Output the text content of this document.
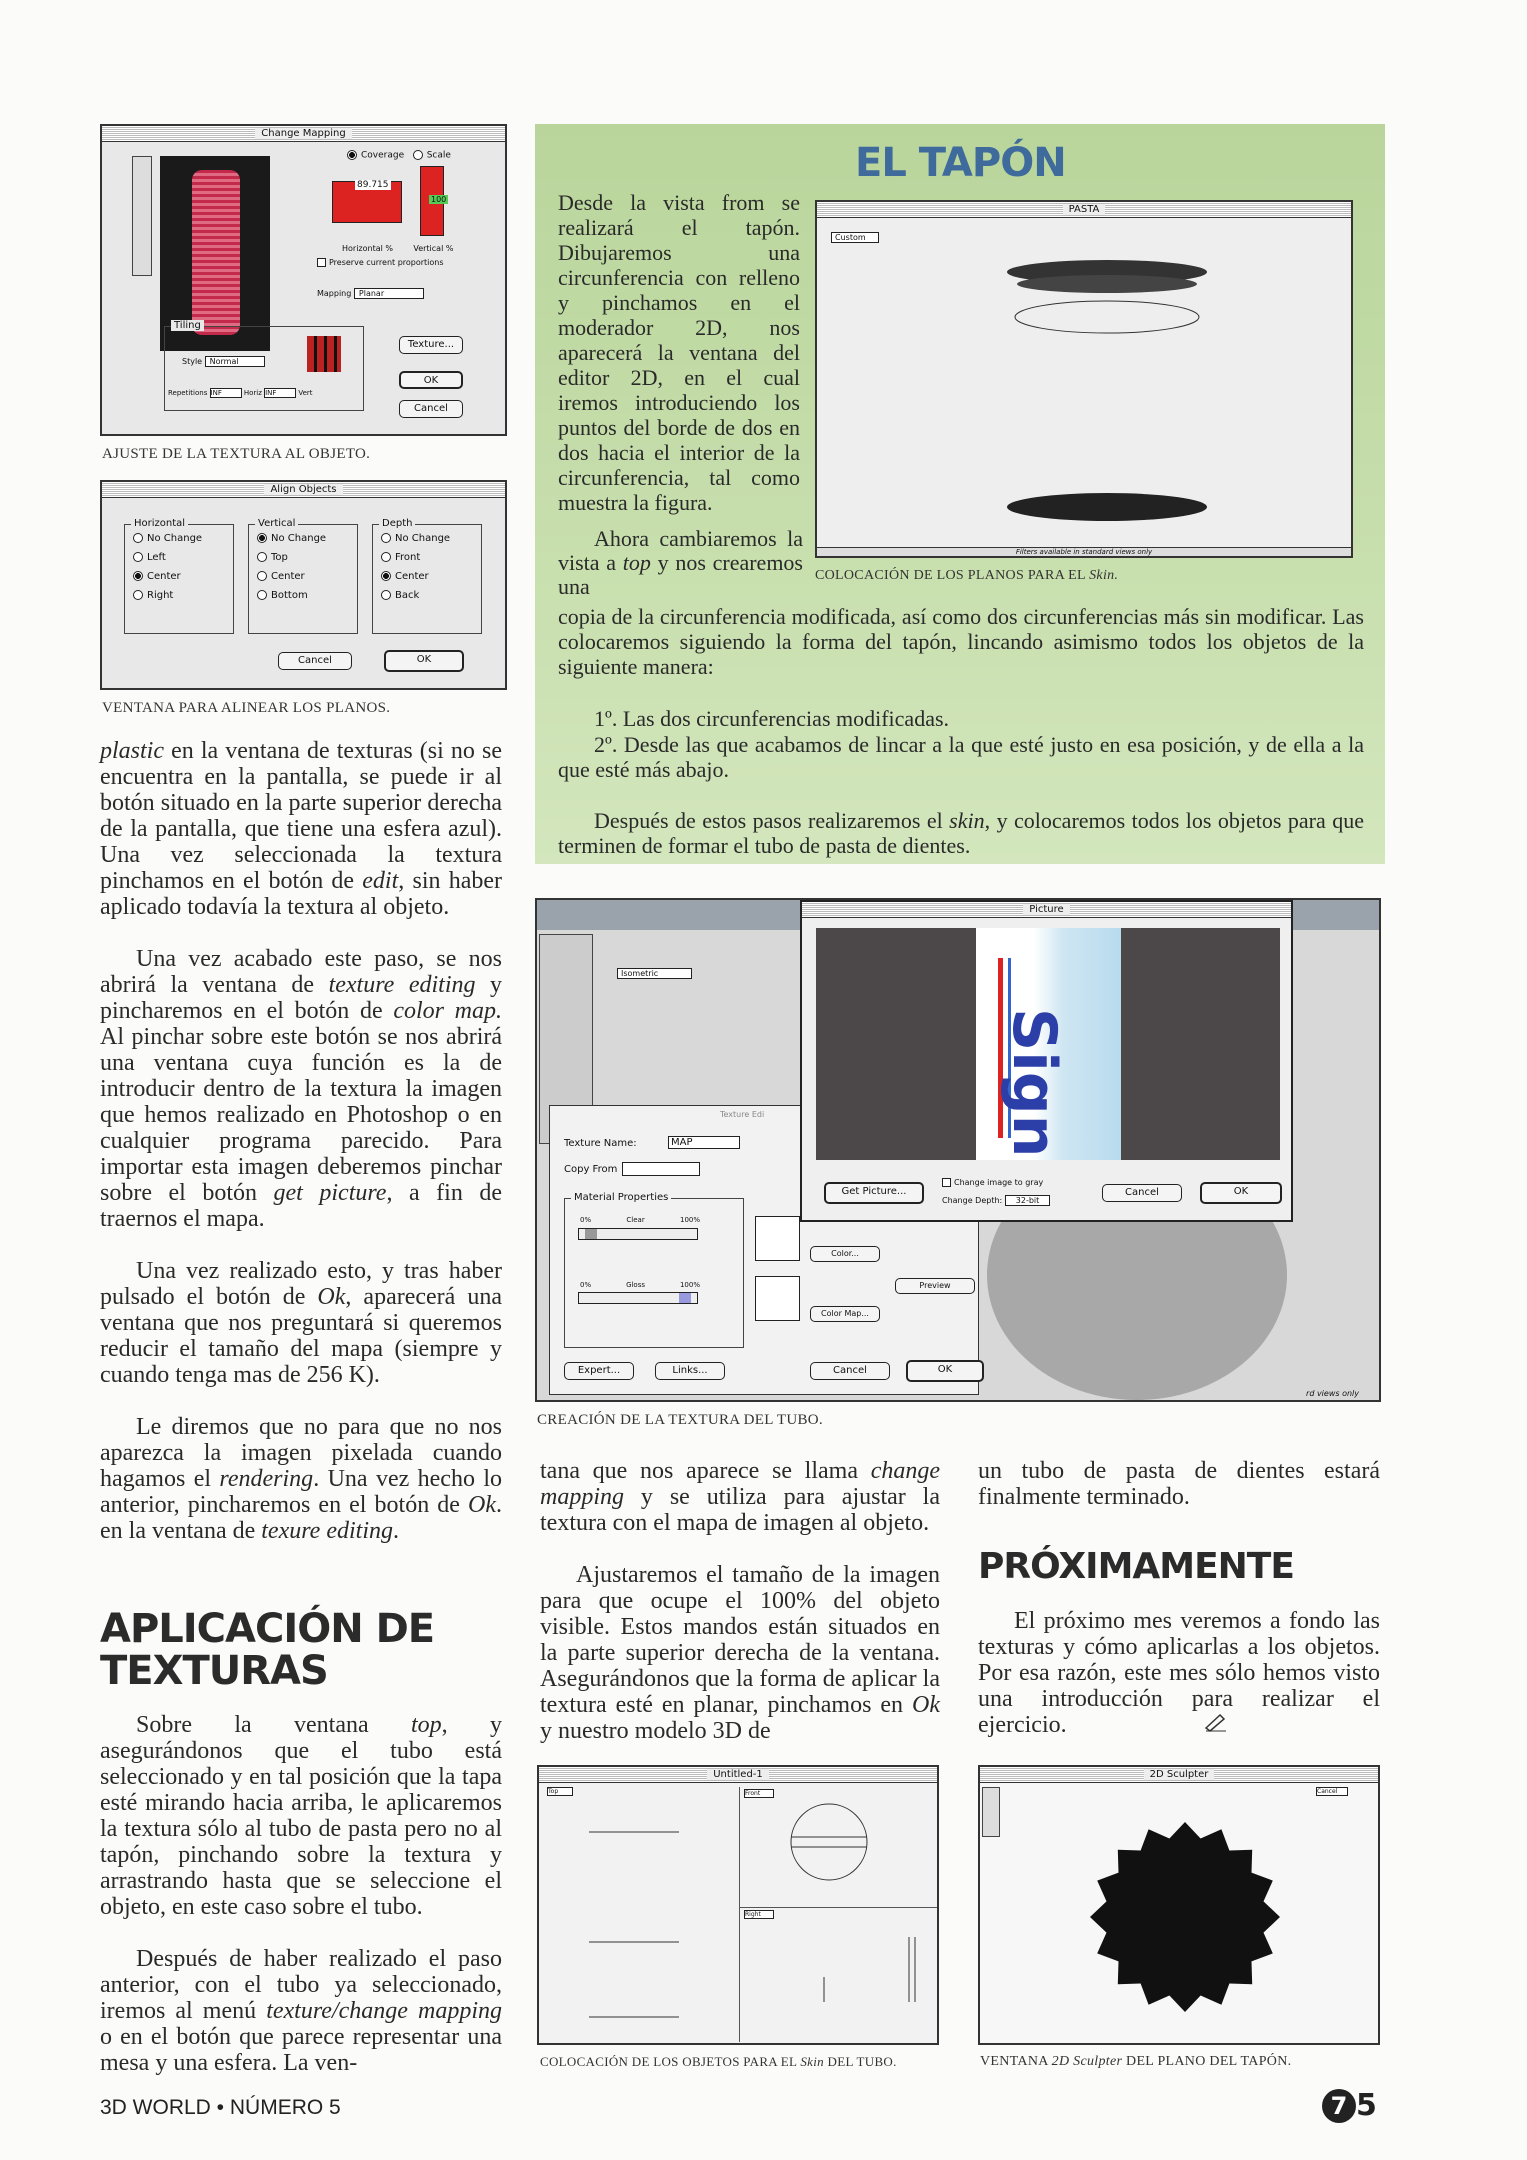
Change Mapping
Coverage	Scale
89.715
100
Horizontal %	Vertical %
Preserve current proportions
Mapping Planar
Tiling
Style Normal
Repetitions INF	Horiz INF	Vert
Texture...
OK
Cancel
AJUSTE DE LA TEXTURA AL OBJETO.
Align Objects
Horizontal
No Change
Left
Center
Right
Vertical
No Change
Top
Center
Bottom
Depth
No Change
Front
Center
Back
Cancel	OK
VENTANA PARA ALINEAR LOS PLANOS.
EL TAPÓN
Desde la vista from se realizará el tapón. Dibujaremos una circunferencia con relleno y pinchamos en el moderador 2D, nos aparecerá la ventana del editor 2D, en el cual iremos introduciendo los puntos del borde de dos en dos hacia el interior de la circunferencia, tal como muestra la figura.
PASTA
Custom
Filters available in standard views only
COLOCACIÓN DE LOS PLANOS PARA EL Skin.
Ahora cambiaremos la vista a top y nos crearemos una
copia de la circunferencia modificada, así como dos circunferencias más sin modificar. Las colocaremos siguiendo la forma del tapón, lincando asimismo todos los objetos de la siguiente manera:
1º. Las dos circunferencias modificadas.
2º. Desde las que acabamos de lincar a la que esté justo en esa posición, y de ella a la que esté más abajo.
Después de estos pasos realizaremos el skin, y colocaremos todos los objetos para que terminen de formar el tubo de pasta de dientes.
Isometric
Texture Edi
Texture Name:	MAP
Copy From
Material Properties
0%	Clear	100%
0%	Gloss	100%
Color...
Color Map...
Preview
Expert...	Links...	Cancel	OK
Picture
Sign
Get Picture...
Change image to gray
Change Depth: 32-bit
Cancel	OK
rd views only
CREACIÓN DE LA TEXTURA DEL TUBO.

plastic en la ventana de texturas (si no se encuentra en la pantalla, se puede ir al botón situado en la parte superior derecha de la pantalla, que tiene una esfera azul). Una vez seleccionada la textura pinchamos en el botón de edit, sin haber aplicado todavía la textura al objeto.

Una vez acabado este paso, se nos abrirá la ventana de texture editing y pincharemos en el botón de color map. Al pinchar sobre este botón se nos abrirá una ventana cuya función es la de introducir dentro de la textura la imagen que hemos realizado en Photoshop o en cualquier programa parecido. Para importar esta imagen deberemos pinchar sobre el botón get picture, a fin de traernos el mapa.

Una vez realizado esto, y tras haber pulsado el botón de Ok, aparecerá una ventana que nos preguntará si queremos reducir el tamaño del mapa (siempre y cuando tenga mas de 256 K).

Le diremos que no para que no nos aparezca la imagen pixelada cuando hagamos el rendering. Una vez hecho lo anterior, pincharemos en el botón de Ok. en la ventana de texure editing.

APLICACIÓN DE TEXTURAS

Sobre la ventana top, y asegurándonos que el tubo está seleccionado y en tal posición que la tapa esté mirando hacia arriba, le aplicaremos la textura sólo al tubo de pasta pero no al tapón, pinchando sobre la textura y arrastrando hasta que se seleccione el objeto, en este caso sobre el tubo.

Después de haber realizado el paso anterior, con el tubo ya seleccionado, iremos al menú texture/change mapping o en el botón que parece representar una mesa y una esfera. La ven-

tana que nos aparece se llama change mapping y se utiliza para ajustar la textura con el mapa de imagen al objeto.

Ajustaremos el tamaño de la imagen para que ocupe el 100% del objeto visible. Estos mandos están situados en la parte superior derecha de la ventana. Asegurándonos que la forma de aplicar la textura esté en planar, pinchamos en Ok y nuestro modelo 3D de

un tubo de pasta de dientes estará finalmente terminado.
PRÓXIMAMENTE
El próximo mes veremos a fondo las texturas y cómo aplicarlas a los objetos. Por esa razón, este mes sólo hemos visto una introducción para realizar el ejercicio.
Untitled-1
Top	Front
Right
COLOCACIÓN DE LOS OBJETOS PARA EL Skin DEL TUBO.
2D Sculpter
Cancel
VENTANA 2D Sculpter DEL PLANO DEL TAPÓN.
3D WORLD • NÚMERO 5	7 5
